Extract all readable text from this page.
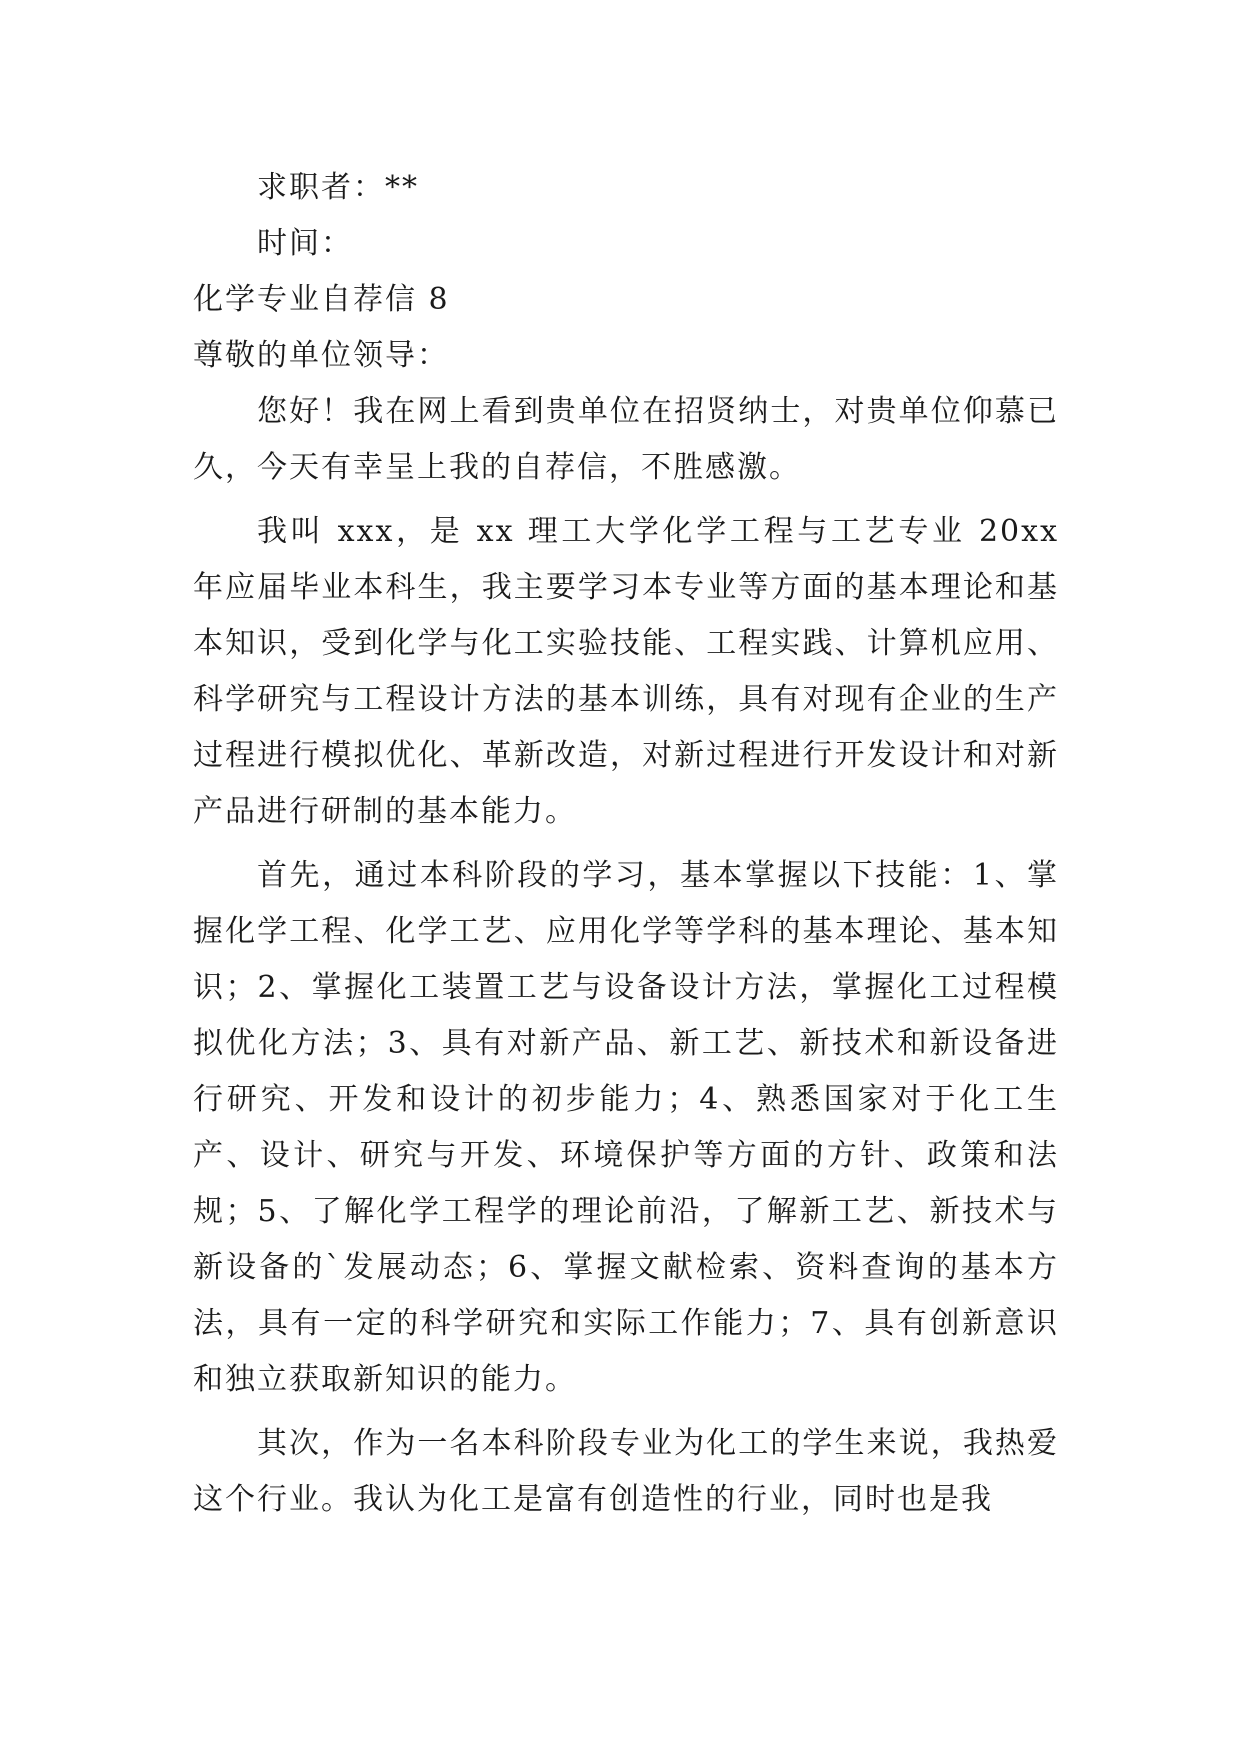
求职者：**
时间：
化学专业自荐信 8
尊敬的单位领导：
您好！我在网上看到贵单位在招贤纳士，对贵单位仰慕已久，今天有幸呈上我的自荐信，不胜感激。
我叫 xxx，是 xx 理工大学化学工程与工艺专业 20xx 年应届毕业本科生，我主要学习本专业等方面的基本理论和基本知识，受到化学与化工实验技能、工程实践、计算机应用、科学研究与工程设计方法的基本训练，具有对现有企业的生产过程进行模拟优化、革新改造，对新过程进行开发设计和对新产品进行研制的基本能力。
首先，通过本科阶段的学习，基本掌握以下技能：1、掌握化学工程、化学工艺、应用化学等学科的基本理论、基本知识；2、掌握化工装置工艺与设备设计方法，掌握化工过程模拟优化方法；3、具有对新产品、新工艺、新技术和新设备进行研究、开发和设计的初步能力；4、熟悉国家对于化工生产、设计、研究与开发、环境保护等方面的方针、政策和法规；5、了解化学工程学的理论前沿，了解新工艺、新技术与新设备的`发展动态；6、掌握文献检索、资料查询的基本方法，具有一定的科学研究和实际工作能力；7、具有创新意识和独立获取新知识的能力。
其次，作为一名本科阶段专业为化工的学生来说，我热爱这个行业。我认为化工是富有创造性的行业，同时也是我
